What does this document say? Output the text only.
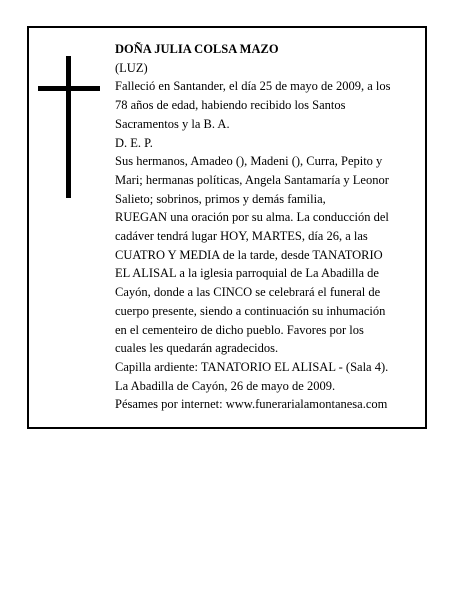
DOÑA JULIA COLSA MAZO
(LUZ)
Falleció en Santander, el día 25 de mayo de 2009, a los
78 años de edad, habiendo recibido los Santos
Sacramentos y la B. A.
D. E. P.
Sus hermanos, Amadeo (), Madeni (), Curra, Pepito y
Mari; hermanas políticas, Angela Santamaría y Leonor
Salieto; sobrinos, primos y demás familia,
RUEGAN una oración por su alma. La conducción del
cadáver tendrá lugar HOY, MARTES, día 26, a las
CUATRO Y MEDIA de la tarde, desde TANATORIO
EL ALISAL a la iglesia parroquial de La Abadilla de
Cayón, donde a las CINCO se celebrará el funeral de
cuerpo presente, siendo a continuación su inhumación
en el cementeiro de dicho pueblo. Favores por los
cuales les quedarán agradecidos.
Capilla ardiente: TANATORIO EL ALISAL - (Sala 4).
La Abadilla de Cayón, 26 de mayo de 2009.
Pésames por internet: www.funerarialamontanesa.com
